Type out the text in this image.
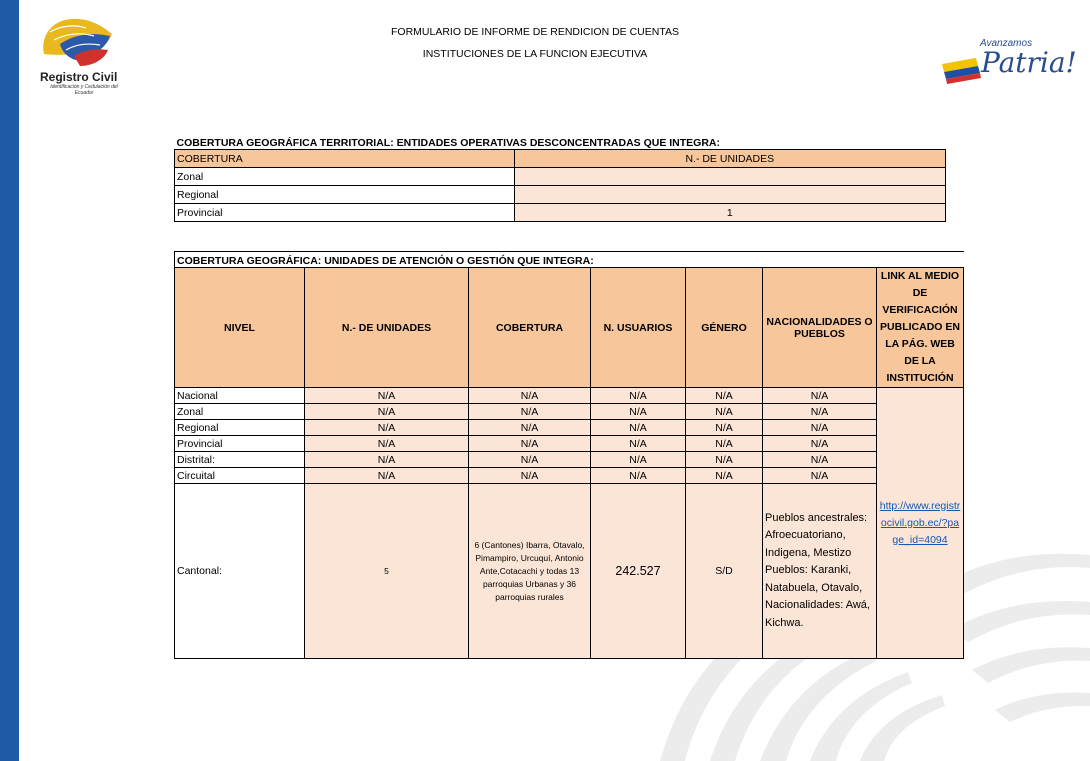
Registro Civil
Identificación y Cedulación del Ecuador
Avanzamos
Patria!
FORMULARIO DE INFORME DE RENDICION DE CUENTAS
INSTITUCIONES DE LA FUNCION EJECUTIVA
COBERTURA GEOGRÁFICA TERRITORIAL: ENTIDADES OPERATIVAS DESCONCENTRADAS QUE INTEGRA:	
COBERTURA	N.- DE UNIDADES
Zonal	
Regional	
Provincial	1
COBERTURA GEOGRÁFICA: UNIDADES DE ATENCIÓN O GESTIÓN QUE INTEGRA:						
NIVEL	N.- DE UNIDADES	COBERTURA	N. USUARIOS	GÉNERO	NACIONALIDADES O PUEBLOS	LINK AL MEDIO DE VERIFICACIÓN PUBLICADO EN LA PÁG. WEB DE LA INSTITUCIÓN
Nacional	N/A	N/A	N/A	N/A	N/A	http://www.registrocivil.gob.ec/?page_id=4094

Zonal	N/A	N/A	N/A	N/A	N/A	
Regional	N/A	N/A	N/A	N/A	N/A	
Provincial	N/A	N/A	N/A	N/A	N/A	
Distrital:	N/A	N/A	N/A	N/A	N/A	
Circuital	N/A	N/A	N/A	N/A	N/A	
Cantonal:	5	6 (Cantones) Ibarra, Otavalo, Pimampiro, Urcuquí, Antonio Ante,Cotacachi y todas 13 parroquias Urbanas y 36 parroquias rurales	242.527	S/D	Pueblos ancestrales: Afroecuatoriano, Indigena, Mestizo Pueblos: Karanki, Natabuela, Otavalo, Nacionalidades: Awá, Kichwa.	
